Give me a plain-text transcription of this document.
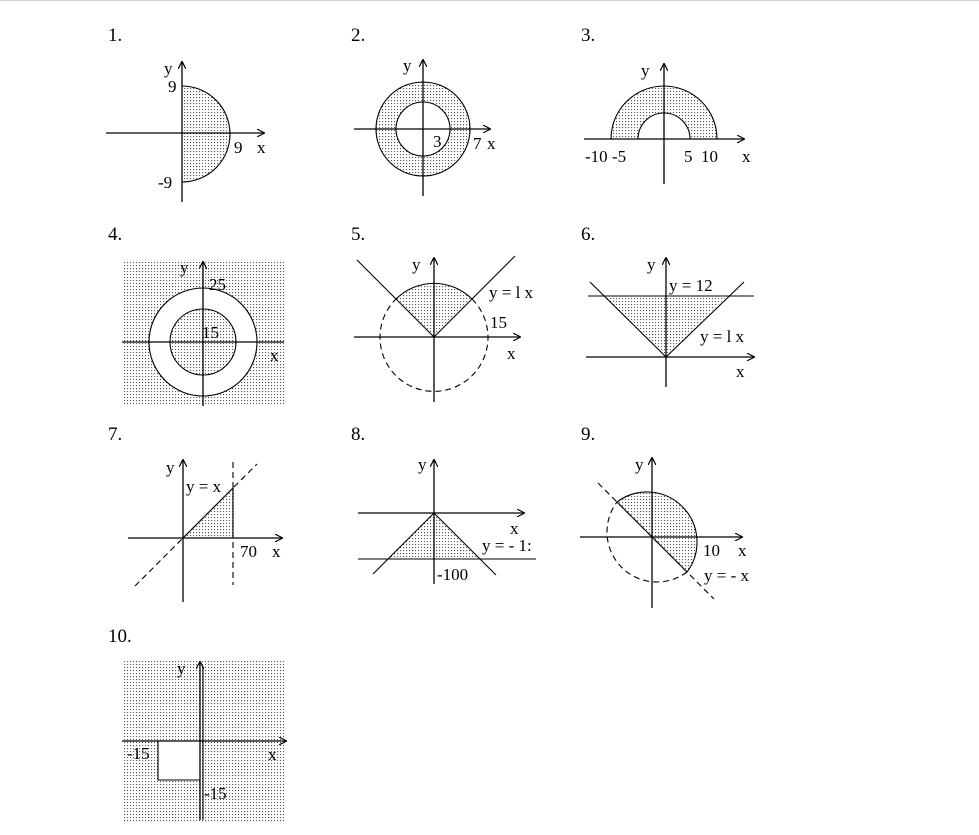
1.
y
x
9
9
-9
2.
y
x
3 7
3.
y
x
-10 -5	5  10
4.
y
x
25
15
5.
y
x
y = l x
15
6.
y
x
y = 12
y = l x
7.
y
x
y = x
70
8.
y
x
y = - 1:
-100
9.
y
x
10
y = - x
10.
y
x
-15
-15
